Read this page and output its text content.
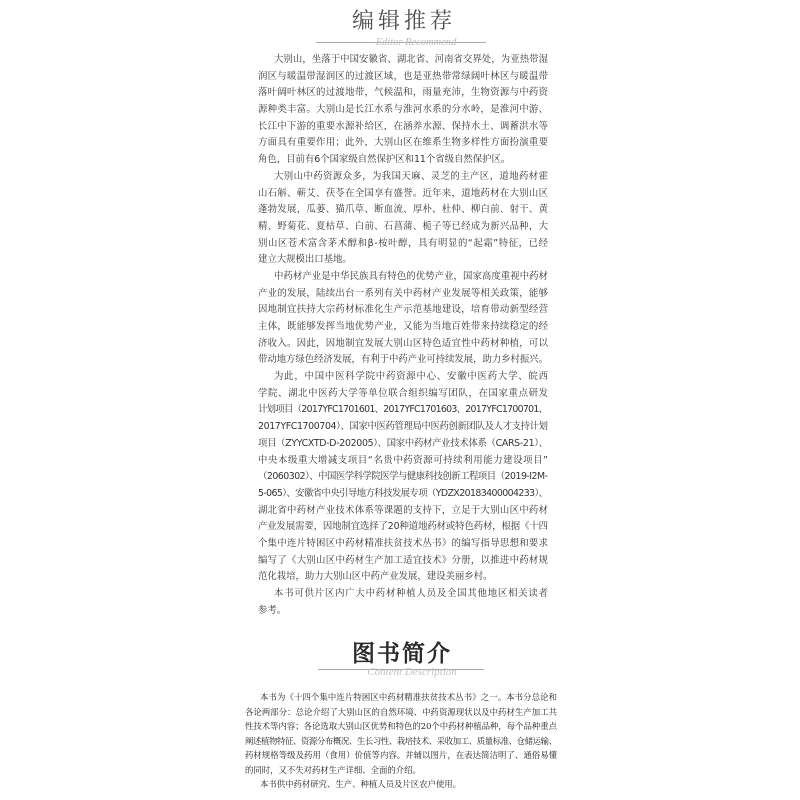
编辑推荐
Editor Recommend
大别山，坐落于中国安徽省、湖北省、河南省交界处，为亚热带湿
润区与暖温带湿润区的过渡区域，也是亚热带常绿阔叶林区与暖温带
落叶阔叶林区的过渡地带，气候温和，雨量充沛，生物资源与中药资
源种类丰富。大别山是长江水系与淮河水系的分水岭，是淮河中游、
长江中下游的重要水源补给区，在涵养水源、保持水土、调蓄洪水等
方面具有重要作用；此外，大别山区在维系生物多样性方面扮演重要
角色，目前有6个国家级自然保护区和11个省级自然保护区。
大别山中药资源众多，为我国天麻、灵芝的主产区，道地药材霍
山石斛、蕲艾、茯苓在全国享有盛誉。近年来，道地药材在大别山区
蓬勃发展，瓜蒌、猫爪草、断血流、厚朴、杜仲、柳白前、射干、黄
精、野菊花、夏枯草、白前、石菖蒲、栀子等已经成为新兴品种，大
别山区苍术富含茅术醇和β-桉叶醇，具有明显的“起霜”特征，已经
建立大规模出口基地。
中药材产业是中华民族具有特色的优势产业，国家高度重视中药材
产业的发展，陆续出台一系列有关中药材产业发展等相关政策，能够
因地制宜扶持大宗药材标准化生产示范基地建设，培育带动新型经营
主体，既能够发挥当地优势产业，又能为当地百姓带来持续稳定的经
济收入。因此，因地制宜发展大别山区特色适宜性中药材种植，可以
带动地方绿色经济发展，有利于中药产业可持续发展，助力乡村振兴。
为此，中国中医科学院中药资源中心、安徽中医药大学、皖西
学院、湖北中医药大学等单位联合组织编写团队，在国家重点研发
计划项目（2017YFC1701601、2017YFC1701603、2017YFC1700701、
2017YFC1700704）、国家中医药管理局中医药创新团队及人才支持计划
项目（ZYYCXTD-D-202005）、国家中药材产业技术体系（CARS-21）、
中央本级重大增减支项目“名贵中药资源可持续利用能力建设项目”
（2060302）、中国医学科学院医学与健康科技创新工程项目（2019-I2M-
5-065）、安徽省中央引导地方科技发展专项（YDZX20183400004233）、
湖北省中药材产业技术体系等课题的支持下，立足于大别山区中药材
产业发展需要，因地制宜选择了20种道地药材或特色药材，根据《十四
个集中连片特困区中药材精准扶贫技术丛书》的编写指导思想和要求
编写了《大别山区中药材生产加工适宜技术》分册，以推进中药材规
范化栽培，助力大别山区中药产业发展，建设美丽乡村。
本书可供片区内广大中药材种植人员及全国其他地区相关读者
参考。
图书简介
Content Description
本书为《十四个集中连片特困区中药材精准扶贫技术丛书》之一。本书分总论和
各论两部分：总论介绍了大别山区的自然环境、中药资源现状以及中药材生产加工共
性技术等内容；各论选取大别山区优势和特色的20个中药材种植品种，每个品种重点
阐述植物特征、资源分布概况、生长习性、栽培技术、采收加工、质量标准、仓储运输、
药材规格等级及药用（食用）价值等内容。并辅以图片，在表达简洁明了、通俗易懂
的同时，又不失对药材生产详细、全面的介绍。
本书供中药材研究、生产、种植人员及片区农户使用。
